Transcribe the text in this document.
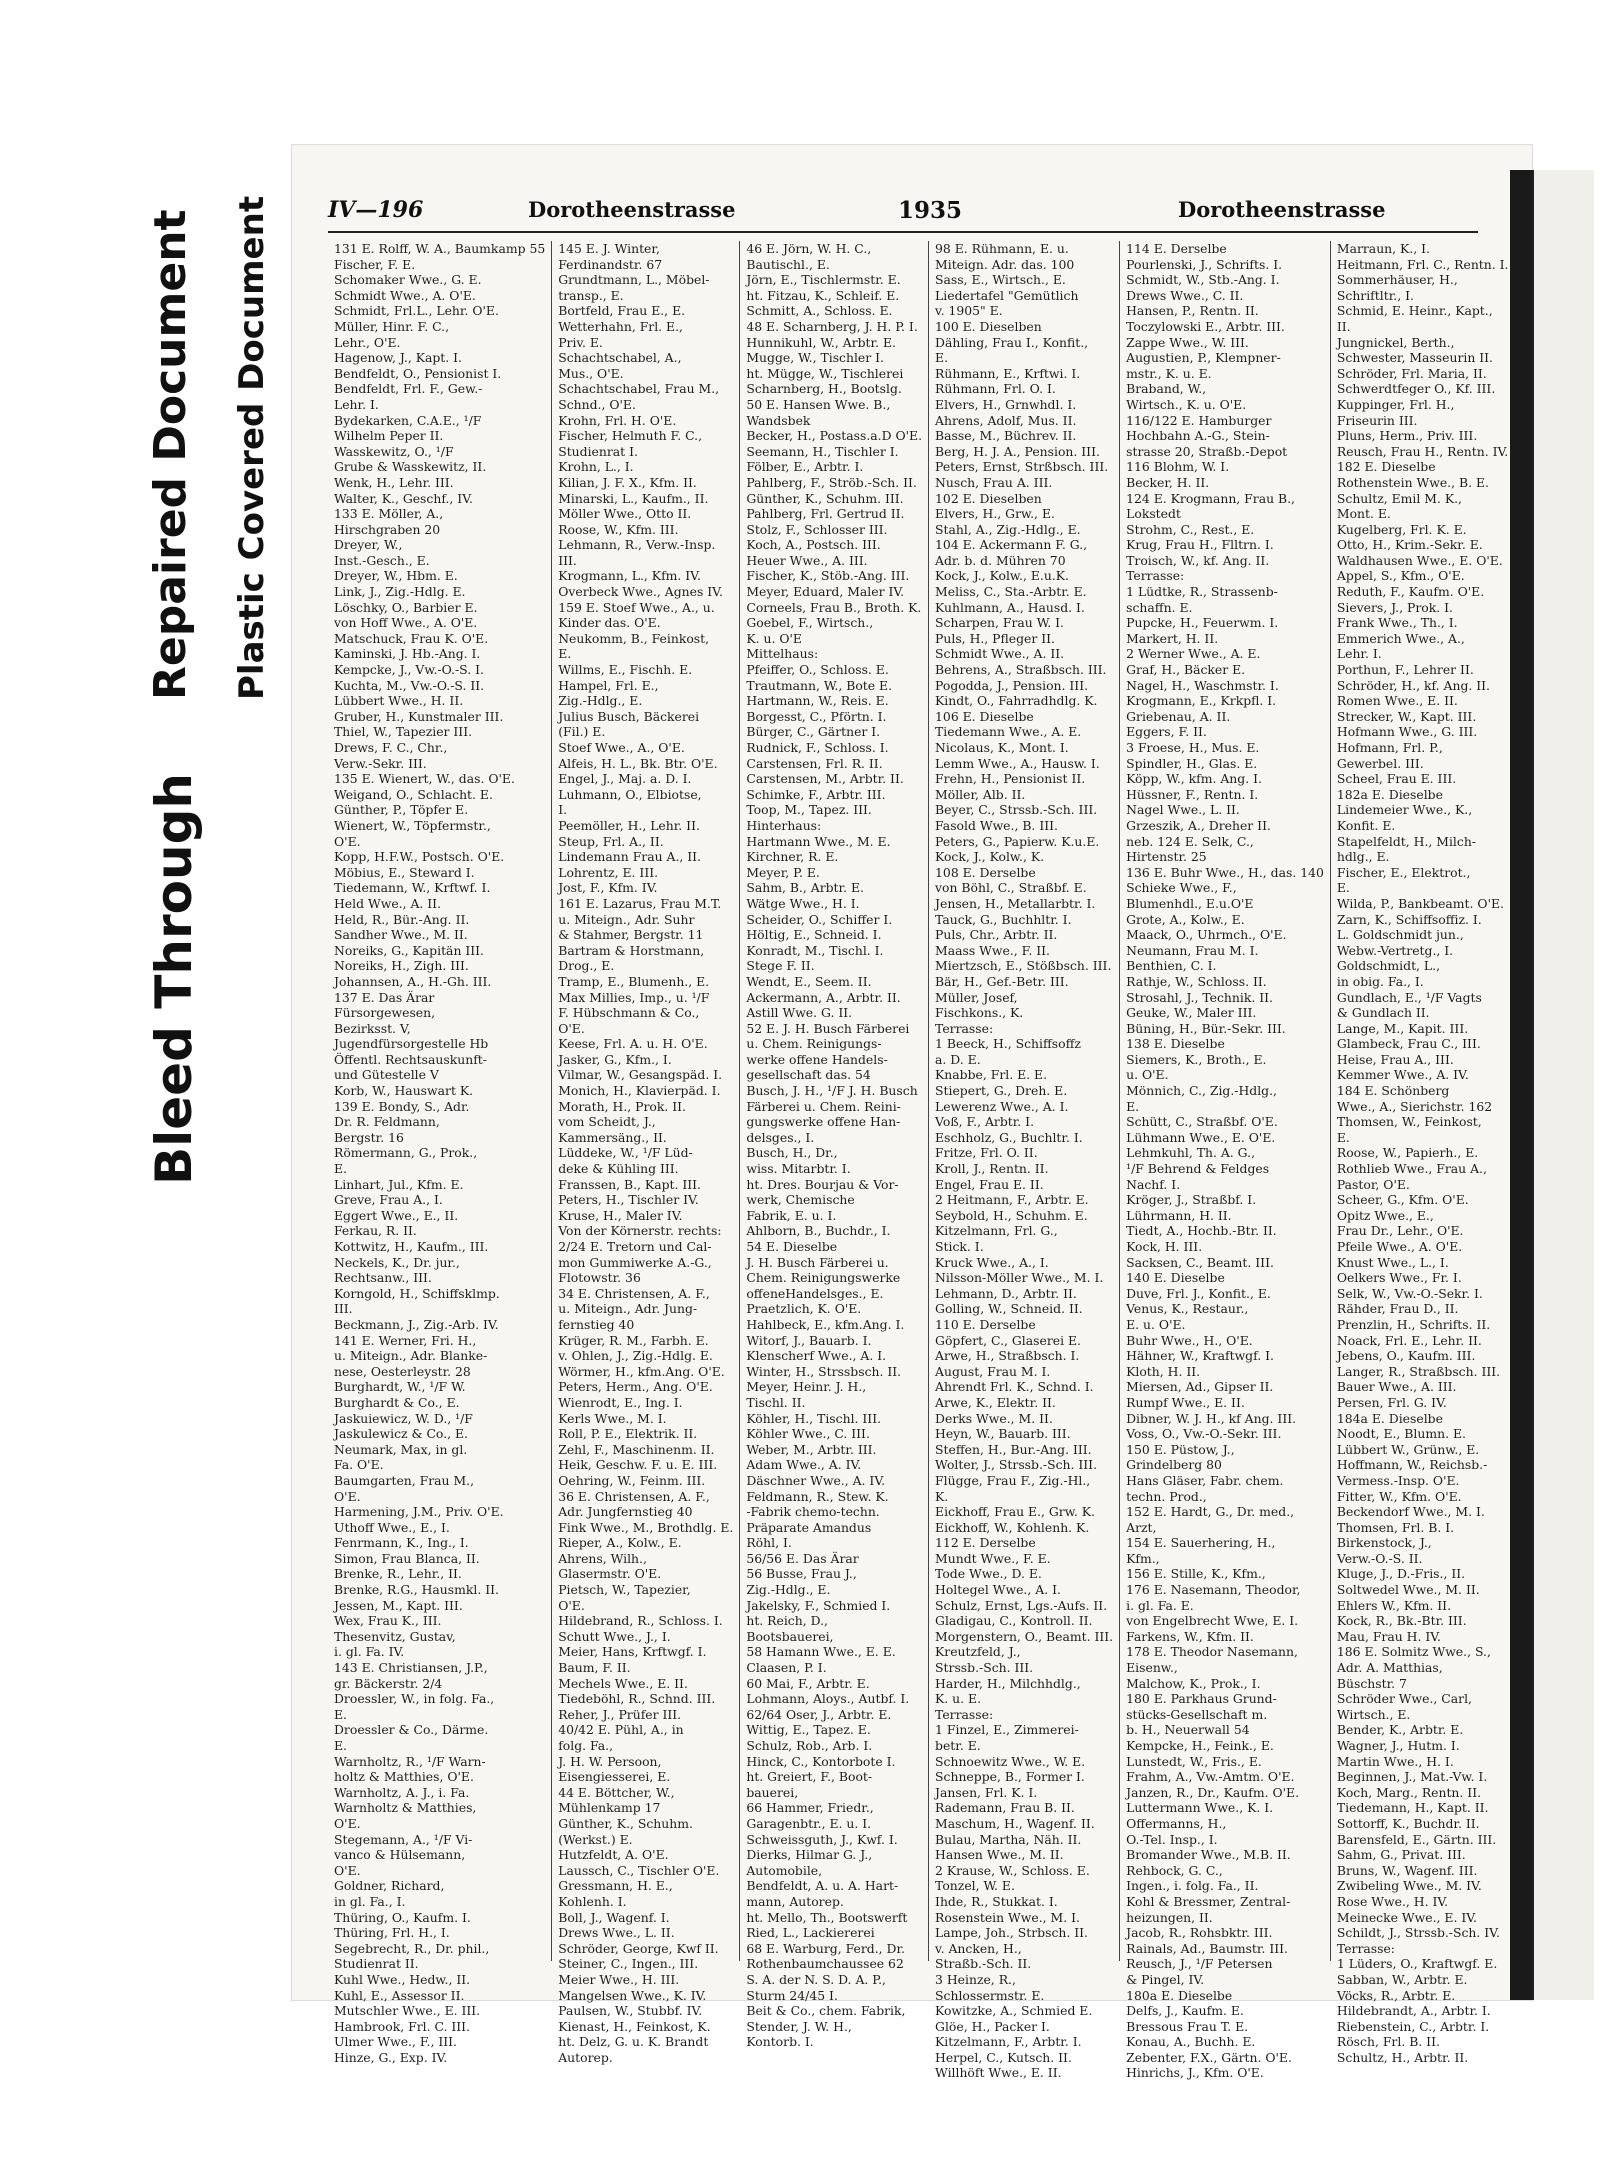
Bleed Through
Repaired Document Plastic Covered Document	IV—196	Dorotheenstrasse	1935	Dorotheenstrasse
131 E. Rolff, W. A., Baumkamp 55
Fischer, F. E.
Schomaker Wwe., G. E.
Schmidt Wwe., A. O'E.
Schmidt, Frl.L., Lehr. O'E.
Müller, Hinr. F. C.,
Lehr., O'E.
Hagenow, J., Kapt. I.
Bendfeldt, O., Pensionist I.
Bendfeldt, Frl. F., Gew.-
Lehr. I.
Bydekarken, C.A.E., ¹/F
Wilhelm Peper II.
Wasskewitz, O., ¹/F
Grube & Wasskewitz, II.
Wenk, H., Lehr. III.
Walter, K., Geschf., IV.
133 E. Möller, A.,
Hirschgraben 20
Dreyer, W.,
Inst.-Gesch., E.
Dreyer, W., Hbm. E.
Link, J., Zig.-Hdlg. E.
Löschky, O., Barbier E.
von Hoff Wwe., A. O'E.
Matschuck, Frau K. O'E.
Kaminski, J. Hb.-Ang. I.
Kempcke, J., Vw.-O.-S. I.
Kuchta, M., Vw.-O.-S. II.
Lübbert Wwe., H. II.
Gruber, H., Kunstmaler III.
Thiel, W., Tapezier III.
Drews, F. C., Chr.,
Verw.-Sekr. III.
135 E. Wienert, W., das. O'E.
Weigand, O., Schlacht. E.
Günther, P., Töpfer E.
Wienert, W., Töpfermstr.,
O'E.
Kopp, H.F.W., Postsch. O'E.
Möbius, E., Steward I.
Tiedemann, W., Krftwf. I.
Held Wwe., A. II.
Held, R., Bür.-Ang. II.
Sandher Wwe., M. II.
Noreiks, G., Kapitän III.
Noreiks, H., Zigh. III.
Johannsen, A., H.-Gh. III.
137 E. Das Ärar
Fürsorgewesen,
Bezirksst. V,
Jugendfürsorgestelle Hb
Öffentl. Rechtsauskunft-
und Gütestelle V
Korb, W., Hauswart K.
139 E. Bondy, S., Adr.
Dr. R. Feldmann,
Bergstr. 16
Römermann, G., Prok.,
E.
Linhart, Jul., Kfm. E.
Greve, Frau A., I.
Eggert Wwe., E., II.
Ferkau, R. II.
Kottwitz, H., Kaufm., III.
Neckels, K., Dr. jur.,
Rechtsanw., III.
Korngold, H., Schiffsklmp.
III.
Beckmann, J., Zig.-Arb. IV.
141 E. Werner, Fri. H.,
u. Miteign., Adr. Blanke-
nese, Oesterleystr. 28
Burghardt, W., ¹/F W.
Burghardt & Co., E.
Jaskuiewicz, W. D., ¹/F
Jaskulewicz & Co., E.
Neumark, Max, in gl.
Fa. O'E.
Baumgarten, Frau M.,
O'E.
Harmening, J.M., Priv. O'E.
Uthoff Wwe., E., I.
Fenrmann, K., Ing., I.
Simon, Frau Blanca, II.
Brenke, R., Lehr., II.
Brenke, R.G., Hausmkl. II.
Jessen, M., Kapt. III.
Wex, Frau K., III.
Thesenvitz, Gustav,
i. gl. Fa. IV.
143 E. Christiansen, J.P.,
gr. Bäckerstr. 2/4
Droessler, W., in folg. Fa.,
E.
Droessler & Co., Därme.
E.
Warnholtz, R., ¹/F Warn-
holtz & Matthies, O'E.
Warnholtz, A. J., i. Fa.
Warnholtz & Matthies,
O'E.
Stegemann, A., ¹/F Vi-
vanco & Hülsemann,
O'E.
Goldner, Richard,
in gl. Fa., I.
Thüring, O., Kaufm. I.
Thüring, Frl. H., I.
Segebrecht, R., Dr. phil.,
Studienrat II.
Kuhl Wwe., Hedw., II.
Kuhl, E., Assessor II.
Mutschler Wwe., E. III.
Hambrook, Frl. C. III.
Ulmer Wwe., F., III.
Hinze, G., Exp. IV.
145 E. J. Winter,
Ferdinandstr. 67
Grundtmann, L., Möbel-
transp., E.
Bortfeld, Frau E., E.
Wetterhahn, Frl. E.,
Priv. E.
Schachtschabel, A.,
Mus., O'E.
Schachtschabel, Frau M.,
Schnd., O'E.
Krohn, Frl. H. O'E.
Fischer, Helmuth F. C.,
Studienrat I.
Krohn, L., I.
Kilian, J. F. X., Kfm. II.
Minarski, L., Kaufm., II.
Möller Wwe., Otto II.
Roose, W., Kfm. III.
Lehmann, R., Verw.-Insp.
III.
Krogmann, L., Kfm. IV.
Overbeck Wwe., Agnes IV.
159 E. Stoef Wwe., A., u.
Kinder das. O'E.
Neukomm, B., Feinkost,
E.
Willms, E., Fischh. E.
Hampel, Frl. E.,
Zig.-Hdlg., E.
Julius Busch, Bäckerei
(Fil.) E.
Stoef Wwe., A., O'E.
Alfeis, H. L., Bk. Btr. O'E.
Engel, J., Maj. a. D. I.
Luhmann, O., Elbiotse,
I.
Peemöller, H., Lehr. II.
Steup, Frl. A., II.
Lindemann Frau A., II.
Lohrentz, E. III.
Jost, F., Kfm. IV.
161 E. Lazarus, Frau M.T.
u. Miteign., Adr. Suhr
& Stahmer, Bergstr. 11
Bartram & Horstmann,
Drog., E.
Tramp, E., Blumenh., E.
Max Millies, Imp., u. ¹/F
F. Hübschmann & Co.,
O'E.
Keese, Frl. A. u. H. O'E.
Jasker, G., Kfm., I.
Vilmar, W., Gesangspäd. I.
Monich, H., Klavierpäd. I.
Morath, H., Prok. II.
vom Scheidt, J.,
Kammersäng., II.
Lüddeke, W., ¹/F Lüd-
deke & Kühling III.
Franssen, B., Kapt. III.
Peters, H., Tischler IV.
Kruse, H., Maler IV.
Von der Körnerstr. rechts:
2/24 E. Tretorn und Cal-
mon Gummiwerke A.-G.,
Flotowstr. 36
34 E. Christensen, A. F.,
u. Miteign., Adr. Jung-
fernstieg 40
Krüger, R. M., Farbh. E.
v. Ohlen, J., Zig.-Hdlg. E.
Wörmer, H., kfm.Ang. O'E.
Peters, Herm., Ang. O'E.
Wienrodt, E., Ing. I.
Kerls Wwe., M. I.
Roll, P. E., Elektrik. II.
Zehl, F., Maschinenm. II.
Heik, Geschw. F. u. E. III.
Oehring, W., Feinm. III.
36 E. Christensen, A. F.,
Adr. Jungfernstieg 40
Fink Wwe., M., Brothdlg. E.
Rieper, A., Kolw., E.
Ahrens, Wilh.,
Glasermstr. O'E.
Pietsch, W., Tapezier,
O'E.
Hildebrand, R., Schloss. I.
Schutt Wwe., J., I.
Meier, Hans, Krftwgf. I.
Baum, F. II.
Mechels Wwe., E. II.
Tiedeböhl, R., Schnd. III.
Reher, J., Prüfer III.
40/42 E. Pühl, A., in
folg. Fa.,
J. H. W. Persoon,
Eisengiesserei, E.
44 E. Böttcher, W.,
Mühlenkamp 17
Günther, K., Schuhm.
(Werkst.) E.
Hutzfeldt, A. O'E.
Laussch, C., Tischler O'E.
Gressmann, H. E.,
Kohlenh. I.
Boll, J., Wagenf. I.
Drews Wwe., L. II.
Schröder, George, Kwf II.
Steiner, C., Ingen., III.
Meier Wwe., H. III.
Mangelsen Wwe., K. IV.
Paulsen, W., Stubbf. IV.
Kienast, H., Feinkost, K.
ht. Delz, G. u. K. Brandt
Autorep.
46 E. Jörn, W. H. C.,
Bautischl., E.
Jörn, E., Tischlermstr. E.
ht. Fitzau, K., Schleif. E.
Schmitt, A., Schloss. E.
48 E. Scharnberg, J. H. P. I.
Hunnikuhl, W., Arbtr. E.
Mugge, W., Tischler I.
ht. Mügge, W., Tischlerei
Scharnberg, H., Bootslg.
50 E. Hansen Wwe. B.,
Wandsbek
Becker, H., Postass.a.D O'E.
Seemann, H., Tischler I.
Fölber, E., Arbtr. I.
Pahlberg, F., Ströb.-Sch. II.
Günther, K., Schuhm. III.
Pahlberg, Frl. Gertrud II.
Stolz, F., Schlosser III.
Koch, A., Postsch. III.
Heuer Wwe., A. III.
Fischer, K., Stöb.-Ang. III.
Meyer, Eduard, Maler IV.
Corneels, Frau B., Broth. K.
Goebel, F., Wirtsch.,
K. u. O'E
Mittelhaus:
Pfeiffer, O., Schloss. E.
Trautmann, W., Bote E.
Hartmann, W., Reis. E.
Borgesst, C., Pförtn. I.
Bürger, C., Gärtner I.
Rudnick, F., Schloss. I.
Carstensen, Frl. R. II.
Carstensen, M., Arbtr. II.
Schimke, F., Arbtr. III.
Toop, M., Tapez. III.
Hinterhaus:
Hartmann Wwe., M. E.
Kirchner, R. E.
Meyer, P. E.
Sahm, B., Arbtr. E.
Wätge Wwe., H. I.
Scheider, O., Schiffer I.
Höltig, E., Schneid. I.
Konradt, M., Tischl. I.
Stege F. II.
Wendt, E., Seem. II.
Ackermann, A., Arbtr. II.
Astill Wwe. G. II.
52 E. J. H. Busch Färberei
u. Chem. Reinigungs-
werke offene Handels-
gesellschaft das. 54
Busch, J. H., ¹/F J. H. Busch
Färberei u. Chem. Reini-
gungswerke offene Han-
delsges., I.
Busch, H., Dr.,
wiss. Mitarbtr. I.
ht. Dres. Bourjau & Vor-
werk, Chemische
Fabrik, E. u. I.
Ahlborn, B., Buchdr., I.
54 E. Dieselbe
J. H. Busch Färberei u.
Chem. Reinigungswerke
offeneHandelsges., E.
Praetzlich, K. O'E.
Hahlbeck, E., kfm.Ang. I.
Witorf, J., Bauarb. I.
Klenscherf Wwe., A. I.
Winter, H., Strssbsch. II.
Meyer, Heinr. J. H.,
Tischl. II.
Köhler, H., Tischl. III.
Köhler Wwe., C. III.
Weber, M., Arbtr. III.
Adam Wwe., A. IV.
Däschner Wwe., A. IV.
Feldmann, R., Stew. K.
-Fabrik chemo-techn.
Präparate Amandus
Röhl, I.
56/56 E. Das Ärar
56 Busse, Frau J.,
Zig.-Hdlg., E.
Jakelsky, F., Schmied I.
ht. Reich, D.,
Bootsbauerei,
58 Hamann Wwe., E. E.
Claasen, P. I.
60 Mai, F., Arbtr. E.
Lohmann, Aloys., Autbf. I.
62/64 Oser, J., Arbtr. E.
Wittig, E., Tapez. E.
Schulz, Rob., Arb. I.
Hinck, C., Kontorbote I.
ht. Greiert, F., Boot-
bauerei,
66 Hammer, Friedr.,
Garagenbtr., E. u. I.
Schweissguth, J., Kwf. I.
Dierks, Hilmar G. J.,
Automobile,
Bendfeldt, A. u. A. Hart-
mann, Autorep.
ht. Mello, Th., Bootswerft
Ried, L., Lackiererei
68 E. Warburg, Ferd., Dr.
Rothenbaumchaussee 62
S. A. der N. S. D. A. P.,
Sturm 24/45 I.
Beit & Co., chem. Fabrik,
Stender, J. W. H.,
Kontorb. I.
98 E. Rühmann, E. u.
Miteign. Adr. das. 100
Sass, E., Wirtsch., E.
Liedertafel "Gemütlich
v. 1905" E.
100 E. Dieselben
Dähling, Frau I., Konfit.,
E.
Rühmann, E., Krftwi. I.
Rühmann, Frl. O. I.
Elvers, H., Grnwhdl. I.
Ahrens, Adolf, Mus. II.
Basse, M., Büchrev. II.
Berg, H. J. A., Pension. III.
Peters, Ernst, Strßbsch. III.
Nusch, Frau A. III.
102 E. Dieselben
Elvers, H., Grw., E.
Stahl, A., Zig.-Hdlg., E.
104 E. Ackermann F. G.,
Adr. b. d. Mühren 70
Kock, J., Kolw., E.u.K.
Meliss, C., Sta.-Arbtr. E.
Kuhlmann, A., Hausd. I.
Scharpen, Frau W. I.
Puls, H., Pfleger II.
Schmidt Wwe., A. II.
Behrens, A., Straßbsch. III.
Pogodda, J., Pension. III.
Kindt, O., Fahrradhdlg. K.
106 E. Dieselbe
Tiedemann Wwe., A. E.
Nicolaus, K., Mont. I.
Lemm Wwe., A., Hausw. I.
Frehn, H., Pensionist II.
Möller, Alb. II.
Beyer, C., Strssb.-Sch. III.
Fasold Wwe., B. III.
Peters, G., Papierw. K.u.E.
Kock, J., Kolw., K.
108 E. Derselbe
von Böhl, C., Straßbf. E.
Jensen, H., Metallarbtr. I.
Tauck, G., Buchhltr. I.
Puls, Chr., Arbtr. II.
Maass Wwe., F. II.
Miertzsch, E., Stößbsch. III.
Bär, H., Gef.-Betr. III.
Müller, Josef,
Fischkons., K.
Terrasse:
1 Beeck, H., Schiffsoffz
a. D. E.
Knabbe, Frl. E. E.
Stiepert, G., Dreh. E.
Lewerenz Wwe., A. I.
Voß, F., Arbtr. I.
Eschholz, G., Buchltr. I.
Fritze, Frl. O. II.
Kroll, J., Rentn. II.
Engel, Frau E. II.
2 Heitmann, F., Arbtr. E.
Seybold, H., Schuhm. E.
Kitzelmann, Frl. G.,
Stick. I.
Kruck Wwe., A., I.
Nilsson-Möller Wwe., M. I.
Lehmann, D., Arbtr. II.
Golling, W., Schneid. II.
110 E. Derselbe
Göpfert, C., Glaserei E.
Arwe, H., Straßbsch. I.
August, Frau M. I.
Ahrendt Frl. K., Schnd. I.
Arwe, K., Elektr. II.
Derks Wwe., M. II.
Heyn, W., Bauarb. III.
Steffen, H., Bur.-Ang. III.
Wolter, J., Strssb.-Sch. III.
Flügge, Frau F., Zig.-Hl.,
K.
Eickhoff, Frau E., Grw. K.
Eickhoff, W., Kohlenh. K.
112 E. Derselbe
Mundt Wwe., F. E.
Tode Wwe., D. E.
Holtegel Wwe., A. I.
Schulz, Ernst, Lgs.-Aufs. II.
Gladigau, C., Kontroll. II.
Morgenstern, O., Beamt. III.
Kreutzfeld, J.,
Strssb.-Sch. III.
Harder, H., Milchhdlg.,
K. u. E.
Terrasse:
1 Finzel, E., Zimmerei-
betr. E.
Schnoewitz Wwe., W. E.
Schneppe, B., Former I.
Jansen, Frl. K. I.
Rademann, Frau B. II.
Maschum, H., Wagenf. II.
Bulau, Martha, Näh. II.
Hansen Wwe., M. II.
2 Krause, W., Schloss. E.
Tonzel, W. E.
Ihde, R., Stukkat. I.
Rosenstein Wwe., M. I.
Lampe, Joh., Strbsch. II.
v. Ancken, H.,
Straßb.-Sch. II.
3 Heinze, R.,
Schlossermstr. E.
Kowitzke, A., Schmied E.
Glöe, H., Packer I.
Kitzelmann, F., Arbtr. I.
Herpel, C., Kutsch. II.
Willhöft Wwe., E. II.
114 E. Derselbe
Pourlenski, J., Schrifts. I.
Schmidt, W., Stb.-Ang. I.
Drews Wwe., C. II.
Hansen, P., Rentn. II.
Toczylowski E., Arbtr. III.
Zappe Wwe., W. III.
Augustien, P., Klempner-
mstr., K. u. E.
Braband, W.,
Wirtsch., K. u. O'E.
116/122 E. Hamburger
Hochbahn A.-G., Stein-
strasse 20, Straßb.-Depot
116 Blohm, W. I.
Becker, H. II.
124 E. Krogmann, Frau B.,
Lokstedt
Strohm, C., Rest., E.
Krug, Frau H., Flltrn. I.
Troisch, W., kf. Ang. II.
Terrasse:
1 Lüdtke, R., Strassenb-
schaffn. E.
Pupcke, H., Feuerwm. I.
Markert, H. II.
2 Werner Wwe., A. E.
Graf, H., Bäcker E.
Nagel, H., Waschmstr. I.
Krogmann, E., Krkpfl. I.
Griebenau, A. II.
Eggers, F. II.
3 Froese, H., Mus. E.
Spindler, H., Glas. E.
Köpp, W., kfm. Ang. I.
Hüssner, F., Rentn. I.
Nagel Wwe., L. II.
Grzeszik, A., Dreher II.
neb. 124 E. Selk, C.,
Hirtenstr. 25
136 E. Buhr Wwe., H., das. 140
Schieke Wwe., F.,
Blumenhdl., E.u.O'E
Grote, A., Kolw., E.
Maack, O., Uhrmch., O'E.
Neumann, Frau M. I.
Benthien, C. I.
Rathje, W., Schloss. II.
Strosahl, J., Technik. II.
Geuke, W., Maler III.
Büning, H., Bür.-Sekr. III.
138 E. Dieselbe
Siemers, K., Broth., E.
u. O'E.
Mönnich, C., Zig.-Hdlg.,
E.
Schütt, C., Straßbf. O'E.
Lühmann Wwe., E. O'E.
Lehmkuhl, Th. A. G.,
¹/F Behrend & Feldges
Nachf. I.
Kröger, J., Straßbf. I.
Lührmann, H. II.
Tiedt, A., Hochb.-Btr. II.
Kock, H. III.
Sacksen, C., Beamt. III.
140 E. Dieselbe
Duve, Frl. J., Konfit., E.
Venus, K., Restaur.,
E. u. O'E.
Buhr Wwe., H., O'E.
Hähner, W., Kraftwgf. I.
Kloth, H. II.
Miersen, Ad., Gipser II.
Rumpf Wwe., E. II.
Dibner, W. J. H., kf Ang. III.
Voss, O., Vw.-O.-Sekr. III.
150 E. Püstow, J.,
Grindelberg 80
Hans Gläser, Fabr. chem.
techn. Prod.,
152 E. Hardt, G., Dr. med.,
Arzt,
154 E. Sauerhering, H.,
Kfm.,
156 E. Stille, K., Kfm.,
176 E. Nasemann, Theodor,
i. gl. Fa. E.
von Engelbrecht Wwe, E. I.
Farkens, W., Kfm. II.
178 E. Theodor Nasemann,
Eisenw.,
Malchow, K., Prok., I.
180 E. Parkhaus Grund-
stücks-Gesellschaft m.
b. H., Neuerwall 54
Kempcke, H., Feink., E.
Lunstedt, W., Fris., E.
Frahm, A., Vw.-Amtm. O'E.
Janzen, R., Dr., Kaufm. O'E.
Luttermann Wwe., K. I.
Offermanns, H.,
O.-Tel. Insp., I.
Bromander Wwe., M.B. II.
Rehbock, G. C.,
Ingen., i. folg. Fa., II.
Kohl & Bressmer, Zentral-
heizungen, II.
Jacob, R., Rohsbktr. III.
Rainals, Ad., Baumstr. III.
Reusch, J., ¹/F Petersen
& Pingel, IV.
180a E. Dieselbe
Delfs, J., Kaufm. E.
Bressous Frau T. E.
Konau, A., Buchh. E.
Zebenter, F.X., Gärtn. O'E.
Hinrichs, J., Kfm. O'E.
Marraun, K., I.
Heitmann, Frl. C., Rentn. I.
Sommerhäuser, H.,
Schriftltr., I.
Schmid, E. Heinr., Kapt.,
II.
Jungnickel, Berth.,
Schwester, Masseurin II.
Schröder, Frl. Maria, II.
Schwerdtfeger O., Kf. III.
Kuppinger, Frl. H.,
Friseurin III.
Pluns, Herm., Priv. III.
Reusch, Frau H., Rentn. IV.
182 E. Dieselbe
Rothenstein Wwe., B. E.
Schultz, Emil M. K.,
Mont. E.
Kugelberg, Frl. K. E.
Otto, H., Krim.-Sekr. E.
Waldhausen Wwe., E. O'E.
Appel, S., Kfm., O'E.
Reduth, F., Kaufm. O'E.
Sievers, J., Prok. I.
Frank Wwe., Th., I.
Emmerich Wwe., A.,
Lehr. I.
Porthun, F., Lehrer II.
Schröder, H., kf. Ang. II.
Romen Wwe., E. II.
Strecker, W., Kapt. III.
Hofmann Wwe., G. III.
Hofmann, Frl. P.,
Gewerbel. III.
Scheel, Frau E. III.
182a E. Dieselbe
Lindemeier Wwe., K.,
Konfit. E.
Stapelfeldt, H., Milch-
hdlg., E.
Fischer, E., Elektrot.,
E.
Wilda, P., Bankbeamt. O'E.
Zarn, K., Schiffsoffiz. I.
L. Goldschmidt jun.,
Webw.-Vertretg., I.
Goldschmidt, L.,
in obig. Fa., I.
Gundlach, E., ¹/F Vagts
& Gundlach II.
Lange, M., Kapit. III.
Glambeck, Frau C., III.
Heise, Frau A., III.
Kemmer Wwe., A. IV.
184 E. Schönberg
Wwe., A., Sierichstr. 162
Thomsen, W., Feinkost,
E.
Roose, W., Papierh., E.
Rothlieb Wwe., Frau A.,
Pastor, O'E.
Scheer, G., Kfm. O'E.
Opitz Wwe., E.,
Frau Dr., Lehr., O'E.
Pfeile Wwe., A. O'E.
Knust Wwe., L., I.
Oelkers Wwe., Fr. I.
Selk, W., Vw.-O.-Sekr. I.
Rähder, Frau D., II.
Prenzlin, H., Schrifts. II.
Noack, Frl. E., Lehr. II.
Jebens, O., Kaufm. III.
Langer, R., Straßbsch. III.
Bauer Wwe., A. III.
Persen, Frl. G. IV.
184a E. Dieselbe
Noodt, E., Blumn. E.
Lübbert W., Grünw., E.
Hoffmann, W., Reichsb.-
Vermess.-Insp. O'E.
Fitter, W., Kfm. O'E.
Beckendorf Wwe., M. I.
Thomsen, Frl. B. I.
Birkenstock, J.,
Verw.-O.-S. II.
Kluge, J., D.-Fris., II.
Soltwedel Wwe., M. II.
Ehlers W., Kfm. II.
Kock, R., Bk.-Btr. III.
Mau, Frau H. IV.
186 E. Solmitz Wwe., S.,
Adr. A. Matthias,
Büschstr. 7
Schröder Wwe., Carl,
Wirtsch., E.
Bender, K., Arbtr. E.
Wagner, J., Hutm. I.
Martin Wwe., H. I.
Beginnen, J., Mat.-Vw. I.
Koch, Marg., Rentn. II.
Tiedemann, H., Kapt. II.
Sottorff, K., Buchdr. II.
Barensfeld, E., Gärtn. III.
Sahm, G., Privat. III.
Bruns, W., Wagenf. III.
Zwibeling Wwe., M. IV.
Rose Wwe., H. IV.
Meinecke Wwe., E. IV.
Schildt, J., Strssb.-Sch. IV.
Terrasse:
1 Lüders, O., Kraftwgf. E.
Sabban, W., Arbtr. E.
Vöcks, R., Arbtr. E.
Hildebrandt, A., Arbtr. I.
Riebenstein, C., Arbtr. I.
Rösch, Frl. B. II.
Schultz, H., Arbtr. II.
